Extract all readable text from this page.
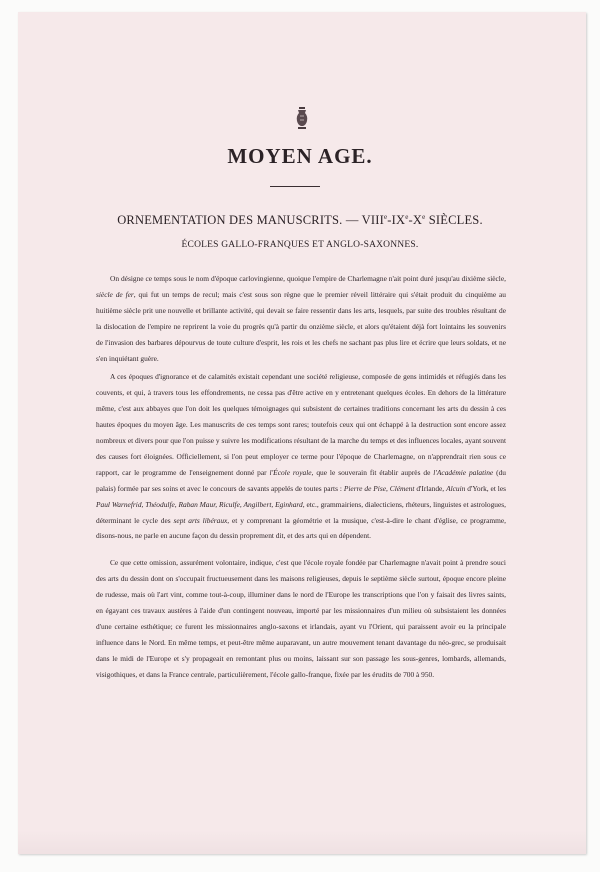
MOYEN AGE.
ORNEMENTATION DES MANUSCRITS. — VIIIe-IXe-Xe SIÈCLES.
ÉCOLES GALLO-FRANQUES ET ANGLO-SAXONNES.

On désigne ce temps sous le nom d'époque carlovingienne, quoique l'empire de Charlemagne n'ait point duré jusqu'au dixième siècle, siècle de fer, qui fut un temps de recul; mais c'est sous son règne que le premier réveil littéraire qui s'était produit du cinquième au huitième siècle prit une nouvelle et brillante activité, qui devait se faire ressentir dans les arts, lesquels, par suite des troubles résultant de la dislocation de l'empire ne reprirent la voie du progrès qu'à partir du onzième siècle, et alors qu'étaient déjà fort lointains les souvenirs de l'invasion des barbares dépourvus de toute culture d'esprit, les rois et les chefs ne sachant pas plus lire et écrire que leurs soldats, et ne s'en inquiétant guère.

A ces époques d'ignorance et de calamités existait cependant une société religieuse, composée de gens intimidés et réfugiés dans les couvents, et qui, à travers tous les effondrements, ne cessa pas d'être active en y entretenant quelques écoles. En dehors de la littérature même, c'est aux abbayes que l'on doit les quelques témoignages qui subsistent de certaines traditions concernant les arts du dessin à ces hautes époques du moyen âge. Les manuscrits de ces temps sont rares; toutefois ceux qui ont échappé à la destruction sont encore assez nombreux et divers pour que l'on puisse y suivre les modifications résultant de la marche du temps et des influences locales, ayant souvent des causes fort éloignées. Officiellement, si l'on peut employer ce terme pour l'époque de Charlemagne, on n'apprendrait rien sous ce rapport, car le programme de l'enseignement donné par l'École royale, que le souverain fit établir auprès de l'Académie palatine (du palais) formée par ses soins et avec le concours de savants appelés de toutes parts : Pierre de Pise, Clément d'Irlande, Alcuin d'York, et les Paul Warnefrid, Théodulfe, Raban Maur, Riculfe, Angilbert, Eginhard, etc., grammairiens, dialecticiens, rhéteurs, linguistes et astrologues, déterminant le cycle des sept arts libéraux, et y comprenant la géométrie et la musique, c'est-à-dire le chant d'église, ce programme, disons-nous, ne parle en aucune façon du dessin proprement dit, et des arts qui en dépendent.

Ce que cette omission, assurément volontaire, indique, c'est que l'école royale fondée par Charlemagne n'avait point à prendre souci des arts du dessin dont on s'occupait fructueusement dans les maisons religieuses, depuis le septième siècle surtout, époque encore pleine de rudesse, mais où l'art vint, comme tout-à-coup, illuminer dans le nord de l'Europe les transcriptions que l'on y faisait des livres saints, en égayant ces travaux austères à l'aide d'un contingent nouveau, importé par les missionnaires d'un milieu où subsistaient les données d'une certaine esthétique; ce furent les missionnaires anglo-saxons et irlandais, ayant vu l'Orient, qui paraissent avoir eu la principale influence dans le Nord. En même temps, et peut-être même auparavant, un autre mouvement tenant davantage du néo-grec, se produisait dans le midi de l'Europe et s'y propageait en remontant plus ou moins, laissant sur son passage les sous-genres, lombards, allemands, visigothiques, et dans la France centrale, particulièrement, l'école gallo-franque, fixée par les érudits de 700 à 950.
